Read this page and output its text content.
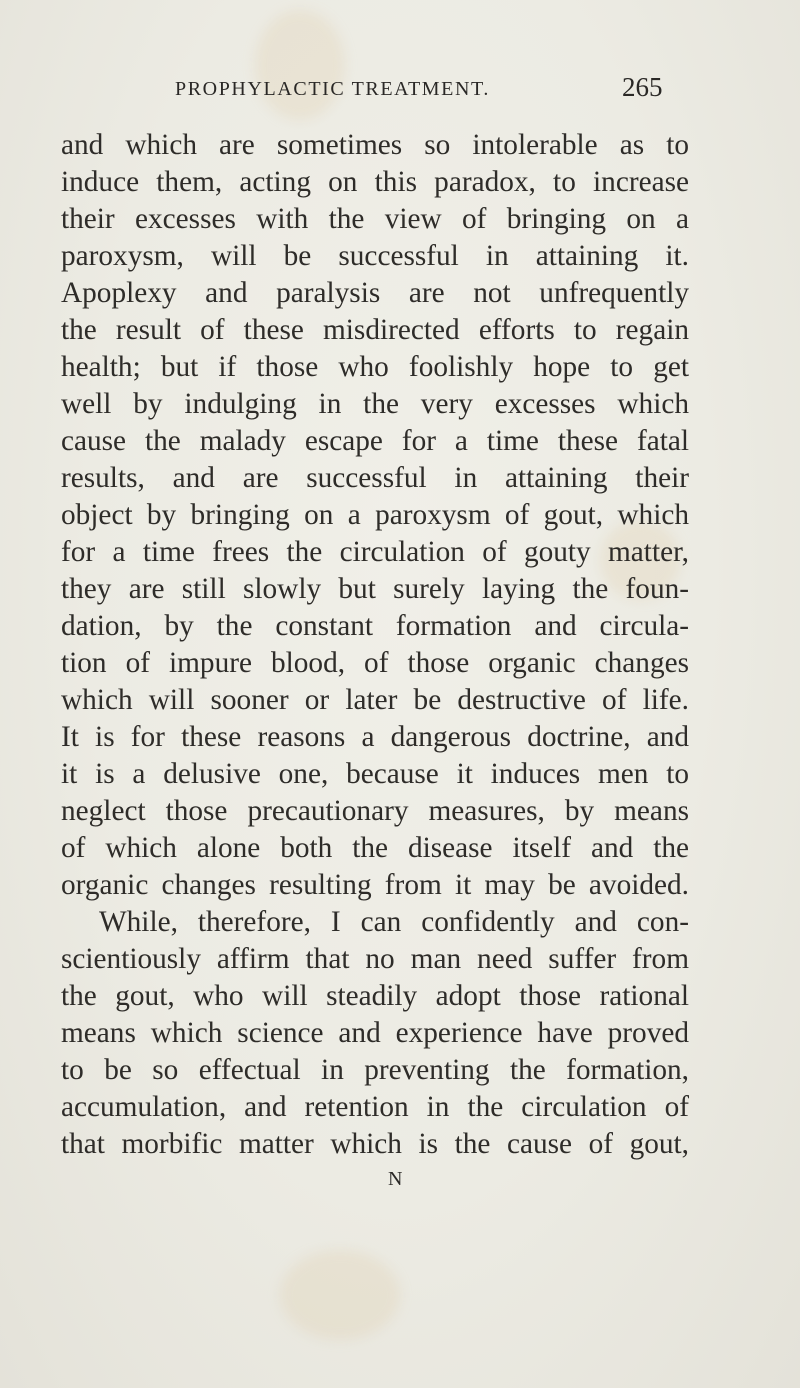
PROPHYLACTIC TREATMENT.	265
and which are sometimes so intolerable as to
induce them, acting on this paradox, to increase
their excesses with the view of bringing on a
paroxysm, will be successful in attaining it.
Apoplexy and paralysis are not unfrequently
the result of these misdirected efforts to regain
health; but if those who foolishly hope to get
well by indulging in the very excesses which
cause the malady escape for a time these fatal
results, and are successful in attaining their
object by bringing on a paroxysm of gout, which
for a time frees the circulation of gouty matter,
they are still slowly but surely laying the foun-
dation, by the constant formation and circula-
tion of impure blood, of those organic changes
which will sooner or later be destructive of life.
It is for these reasons a dangerous doctrine, and
it is a delusive one, because it induces men to
neglect those precautionary measures, by means
of which alone both the disease itself and the
organic changes resulting from it may be avoided.
While, therefore, I can confidently and con-
scientiously affirm that no man need suffer from
the gout, who will steadily adopt those rational
means which science and experience have proved
to be so effectual in preventing the formation,
accumulation, and retention in the circulation of
that morbific matter which is the cause of gout,
N
